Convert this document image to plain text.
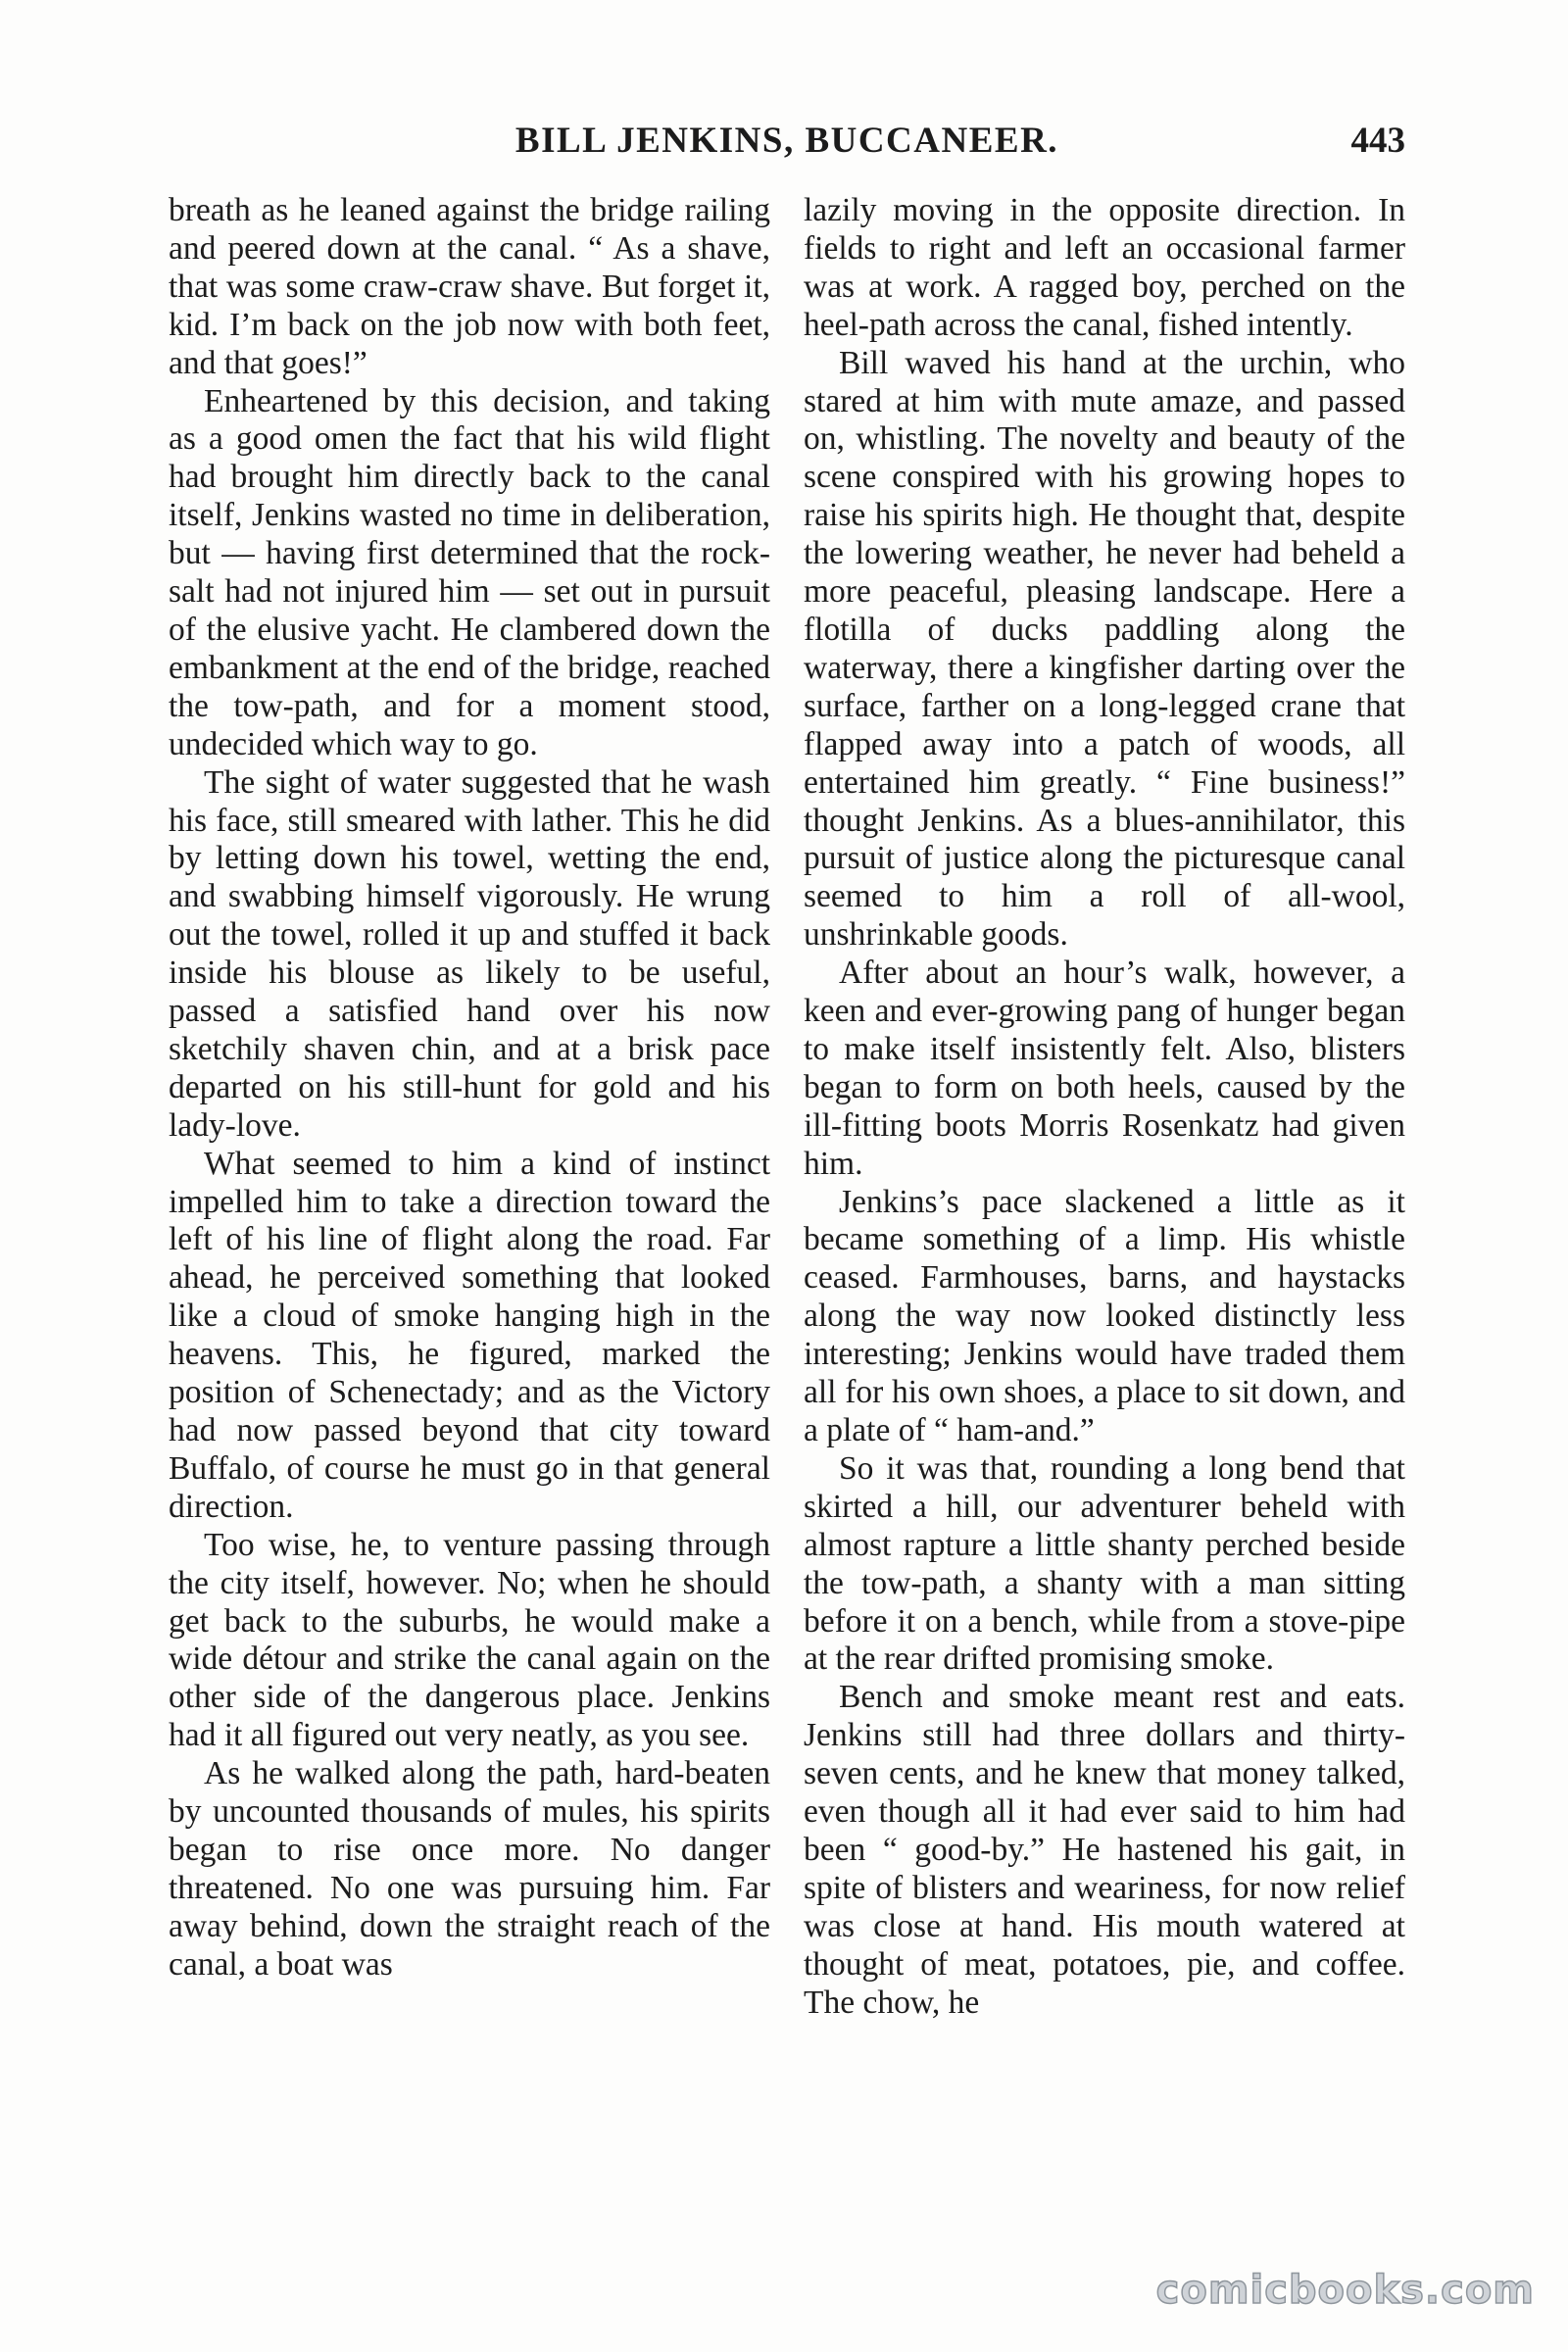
BILL JENKINS, BUCCANEER.	443

breath as he leaned against the bridge railing and peered down at the canal. “ As a shave, that was some craw-craw shave. But forget it, kid. I’m back on the job now with both feet, and that goes!”

Enheartened by this decision, and taking as a good omen the fact that his wild flight had brought him directly back to the canal itself, Jenkins wasted no time in deliberation, but — having first determined that the rock-salt had not injured him — set out in pursuit of the elusive yacht. He clambered down the embankment at the end of the bridge, reached the tow-path, and for a moment stood, undecided which way to go.

The sight of water suggested that he wash his face, still smeared with lather. This he did by letting down his towel, wetting the end, and swabbing himself vigorously. He wrung out the towel, rolled it up and stuffed it back inside his blouse as likely to be useful, passed a satisfied hand over his now sketchily shaven chin, and at a brisk pace departed on his still-hunt for gold and his lady-love.

What seemed to him a kind of instinct impelled him to take a direction toward the left of his line of flight along the road. Far ahead, he perceived something that looked like a cloud of smoke hanging high in the heavens. This, he figured, marked the position of Schenectady; and as the Victory had now passed beyond that city toward Buffalo, of course he must go in that general direction.

Too wise, he, to venture passing through the city itself, however. No; when he should get back to the suburbs, he would make a wide détour and strike the canal again on the other side of the dangerous place. Jenkins had it all figured out very neatly, as you see.

As he walked along the path, hard-beaten by uncounted thousands of mules, his spirits began to rise once more. No danger threatened. No one was pursuing him. Far away behind, down the straight reach of the canal, a boat was

lazily moving in the opposite direction. In fields to right and left an occasional farmer was at work. A ragged boy, perched on the heel-path across the canal, fished intently.

Bill waved his hand at the urchin, who stared at him with mute amaze, and passed on, whistling. The novelty and beauty of the scene conspired with his growing hopes to raise his spirits high. He thought that, despite the lowering weather, he never had beheld a more peaceful, pleasing landscape. Here a flotilla of ducks paddling along the waterway, there a kingfisher darting over the surface, farther on a long-legged crane that flapped away into a patch of woods, all entertained him greatly. “ Fine business!” thought Jenkins. As a blues-annihilator, this pursuit of justice along the picturesque canal seemed to him a roll of all-wool, unshrinkable goods.

After about an hour’s walk, however, a keen and ever-growing pang of hunger began to make itself insistently felt. Also, blisters began to form on both heels, caused by the ill-fitting boots Morris Rosenkatz had given him.

Jenkins’s pace slackened a little as it became something of a limp. His whistle ceased. Farmhouses, barns, and haystacks along the way now looked distinctly less interesting; Jenkins would have traded them all for his own shoes, a place to sit down, and a plate of “ ham-and.”

So it was that, rounding a long bend that skirted a hill, our adventurer beheld with almost rapture a little shanty perched beside the tow-path, a shanty with a man sitting before it on a bench, while from a stove-pipe at the rear drifted promising smoke.

Bench and smoke meant rest and eats. Jenkins still had three dollars and thirty-seven cents, and he knew that money talked, even though all it had ever said to him had been “ good-by.” He hastened his gait, in spite of blisters and weariness, for now relief was close at hand. His mouth watered at thought of meat, potatoes, pie, and coffee. The chow, he

comicbooks.com
